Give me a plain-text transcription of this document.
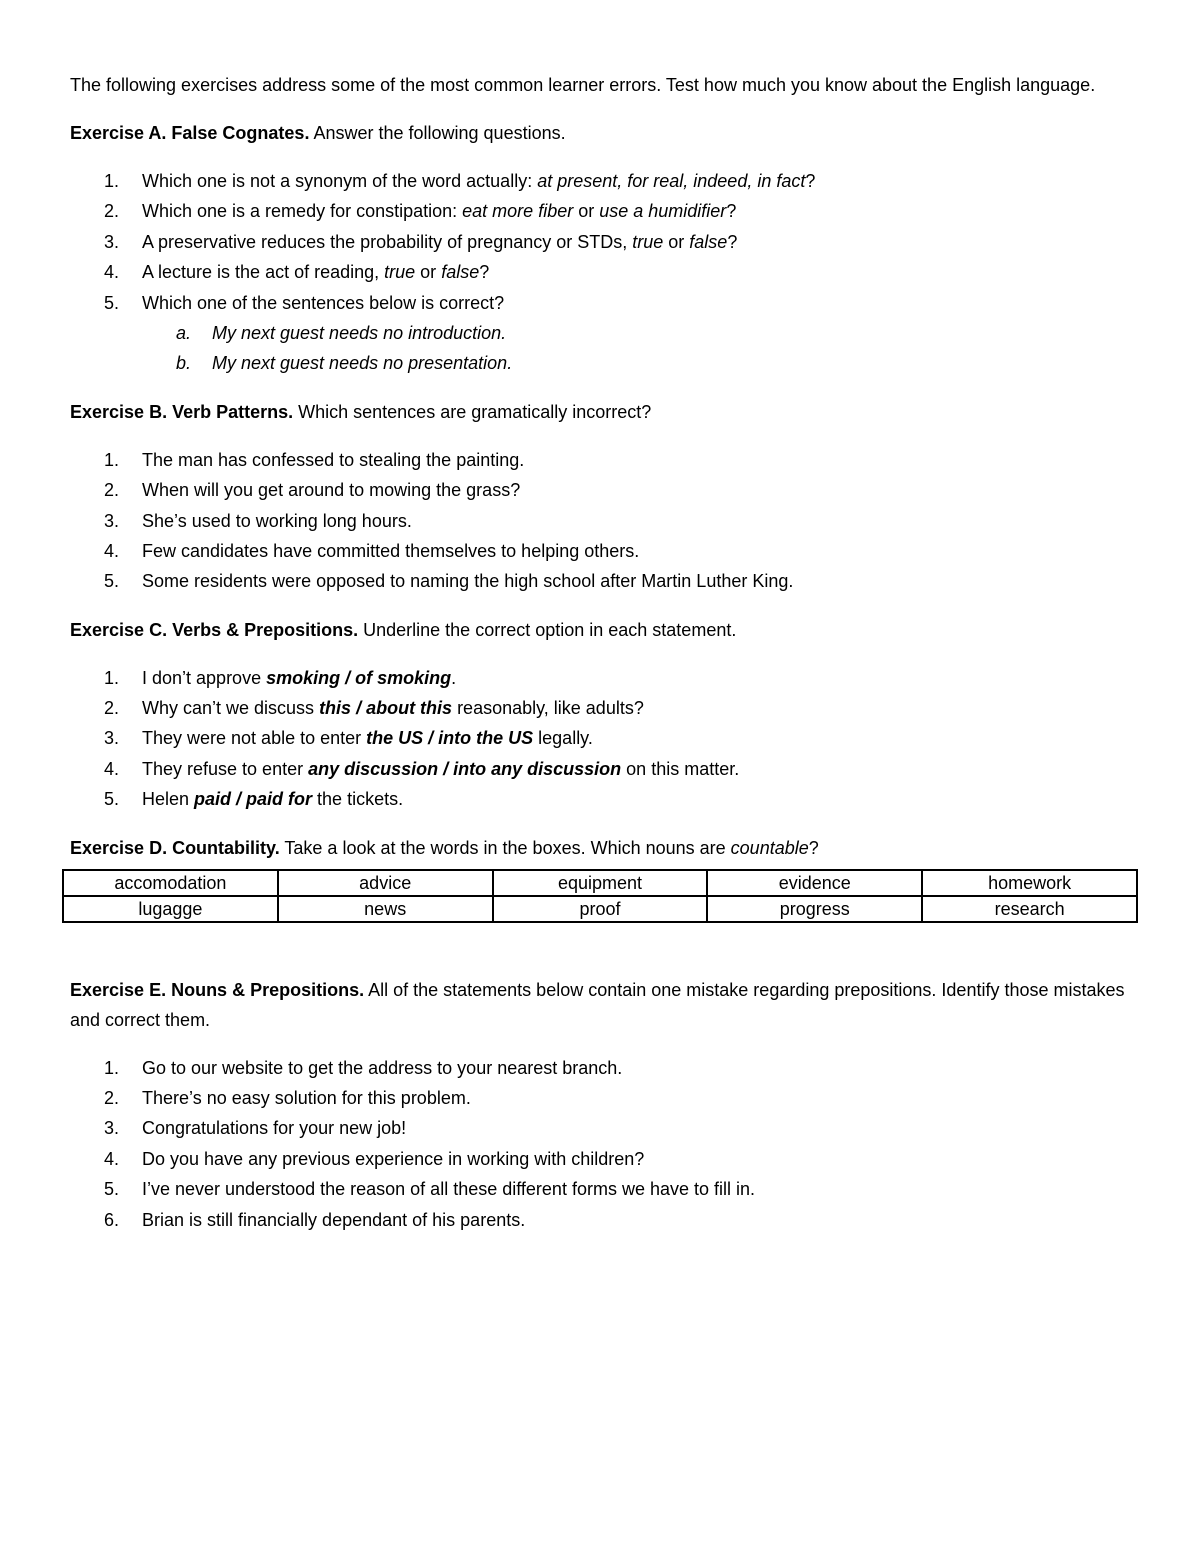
The following exercises address some of the most common learner errors. Test how much you know about the English language.

Exercise A. False Cognates. Answer the following questions.

1. Which one is not a synonym of the word actually: at present, for real, indeed, in fact?
2. Which one is a remedy for constipation: eat more fiber or use a humidifier?
3. A preservative reduces the probability of pregnancy or STDs, true or false?
4. A lecture is the act of reading, true or false?
5. Which one of the sentences below is correct?
a. My next guest needs no introduction.
b. My next guest needs no presentation.

Exercise B. Verb Patterns. Which sentences are gramatically incorrect?

1. The man has confessed to stealing the painting.
2. When will you get around to mowing the grass?
3. She’s used to working long hours.
4. Few candidates have committed themselves to helping others.
5. Some residents were opposed to naming the high school after Martin Luther King.

Exercise C. Verbs & Prepositions. Underline the correct option in each statement.

1. I don’t approve smoking / of smoking.
2. Why can’t we discuss this / about this reasonably, like adults?
3. They were not able to enter the US / into the US legally.
4. They refuse to enter any discussion / into any discussion on this matter.
5. Helen paid / paid for the tickets.

Exercise D. Countability. Take a look at the words in the boxes. Which nouns are countable?

accomodation	advice	equipment	evidence	homework
lugagge	news	proof	progress	research

Exercise E. Nouns & Prepositions. All of the statements below contain one mistake regarding prepositions. Identify those mistakes and correct them.

1. Go to our website to get the address to your nearest branch.
2. There’s no easy solution for this problem.
3. Congratulations for your new job!
4. Do you have any previous experience in working with children?
5. I’ve never understood the reason of all these different forms we have to fill in.
6. Brian is still financially dependant of his parents.
